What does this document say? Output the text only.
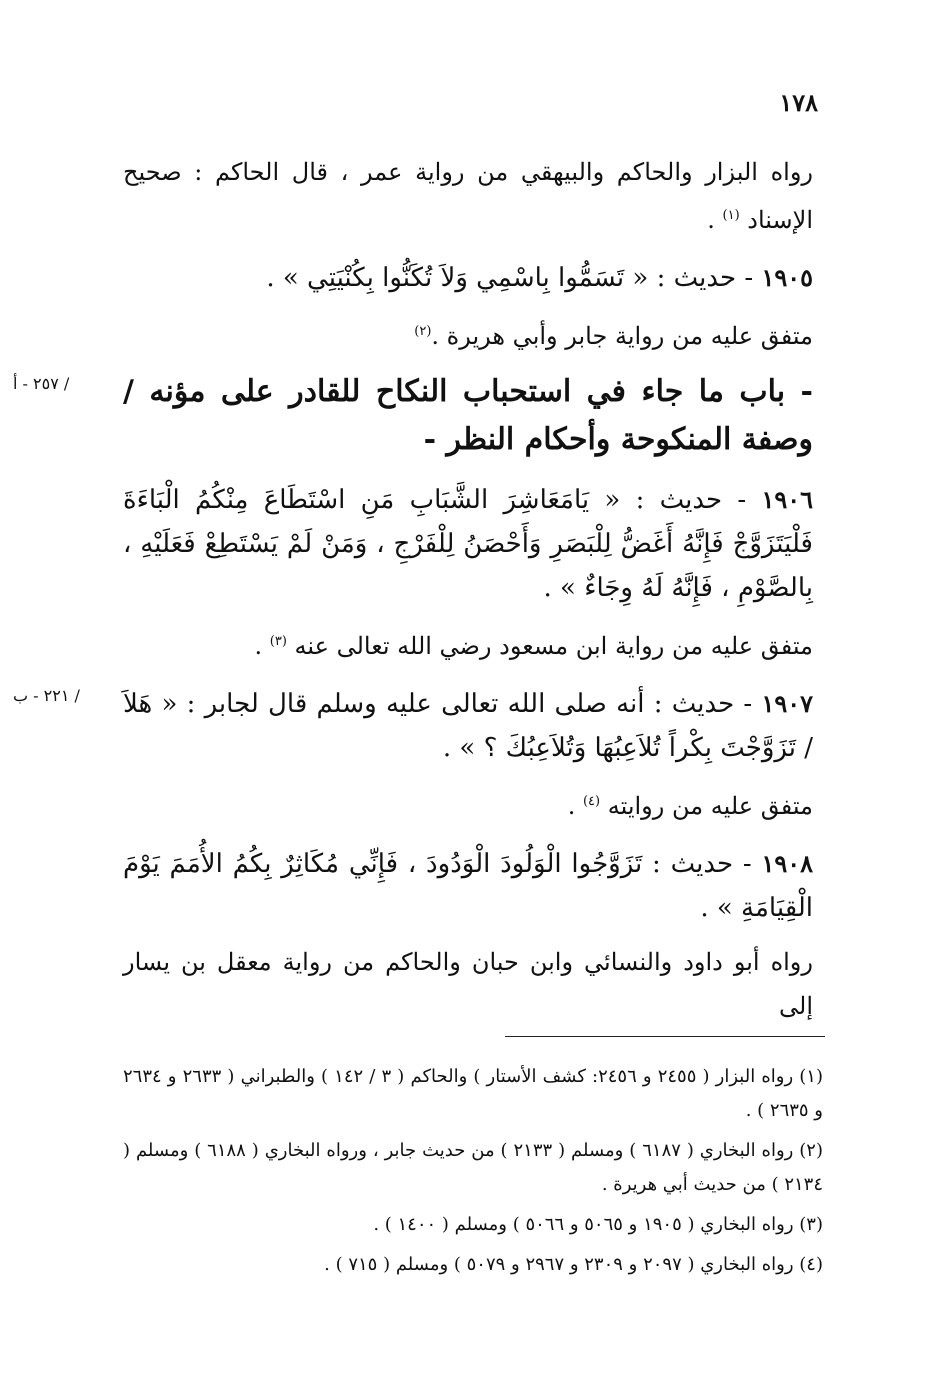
١٧٨

رواه البزار والحاكم والبيهقي من رواية عمر ، قال الحاكم : صحيح الإسناد $^{(١)}$ .

١٩٠٥ - حديث : « تَسَمُّوا بِاسْمِي وَلاَ تُكَنُّوا بِكُنْيَتِي » .

متفق عليه من رواية جابر وأبي هريرة .$^{(٢)}$

- باب ما جاء في استحباب النكاح للقادر على مؤنه / وصفة المنكوحة وأحكام النظر -

/ ٢٥٧ - أ

١٩٠٦ - حديث : « يَامَعَاشِرَ الشَّبَابِ مَنِ اسْتَطَاعَ مِنْكُمُ الْبَاءَةَ فَلْيَتَزَوَّجْ فَإِنَّهُ أَغَضُّ لِلْبَصَرِ وَأَحْصَنُ لِلْفَرْجِ ، وَمَنْ لَمْ يَسْتَطِعْ فَعَلَيْهِ ، بِالصَّوْمِ ، فَإِنَّهُ لَهُ وِجَاءٌ » .

متفق عليه من رواية ابن مسعود رضي الله تعالى عنه $^{(٣)}$ .

١٩٠٧ - حديث : أنه صلى الله تعالى عليه وسلم قال لجابر : « هَلاَ / تَزَوَّجْتَ بِكْراً تُلاَعِبُهَا وَتُلاَعِبُكَ ؟ » .

/ ٢٢١ - ب

متفق عليه من روايته $^{(٤)}$ .

١٩٠٨ - حديث : تَزَوَّجُوا الْوَلُودَ الْوَدُودَ ، فَإِنِّي مُكَاثِرٌ بِكُمُ الأُمَمَ يَوْمَ الْقِيَامَةِ » .

رواه أبو داود والنسائي وابن حبان والحاكم من رواية معقل بن يسار إلى

(١) رواه البزار ( ٢٤٥٥ و ٢٤٥٦: كشف الأستار ) والحاكم ( ٣ / ١٤٢ ) والطبراني ( ٢٦٣٣ و ٢٦٣٤ و ٢٦٣٥ ) .

(٢) رواه البخاري ( ٦١٨٧ ) ومسلم ( ٢١٣٣ ) من حديث جابر ، ورواه البخاري ( ٦١٨٨ ) ومسلم ( ٢١٣٤ ) من حديث أبي هريرة .

(٣) رواه البخاري ( ١٩٠٥ و ٥٠٦٥ و ٥٠٦٦ ) ومسلم ( ١٤٠٠ ) .

(٤) رواه البخاري ( ٢٠٩٧ و ٢٣٠٩ و ٢٩٦٧ و ٥٠٧٩ ) ومسلم ( ٧١٥ ) .
